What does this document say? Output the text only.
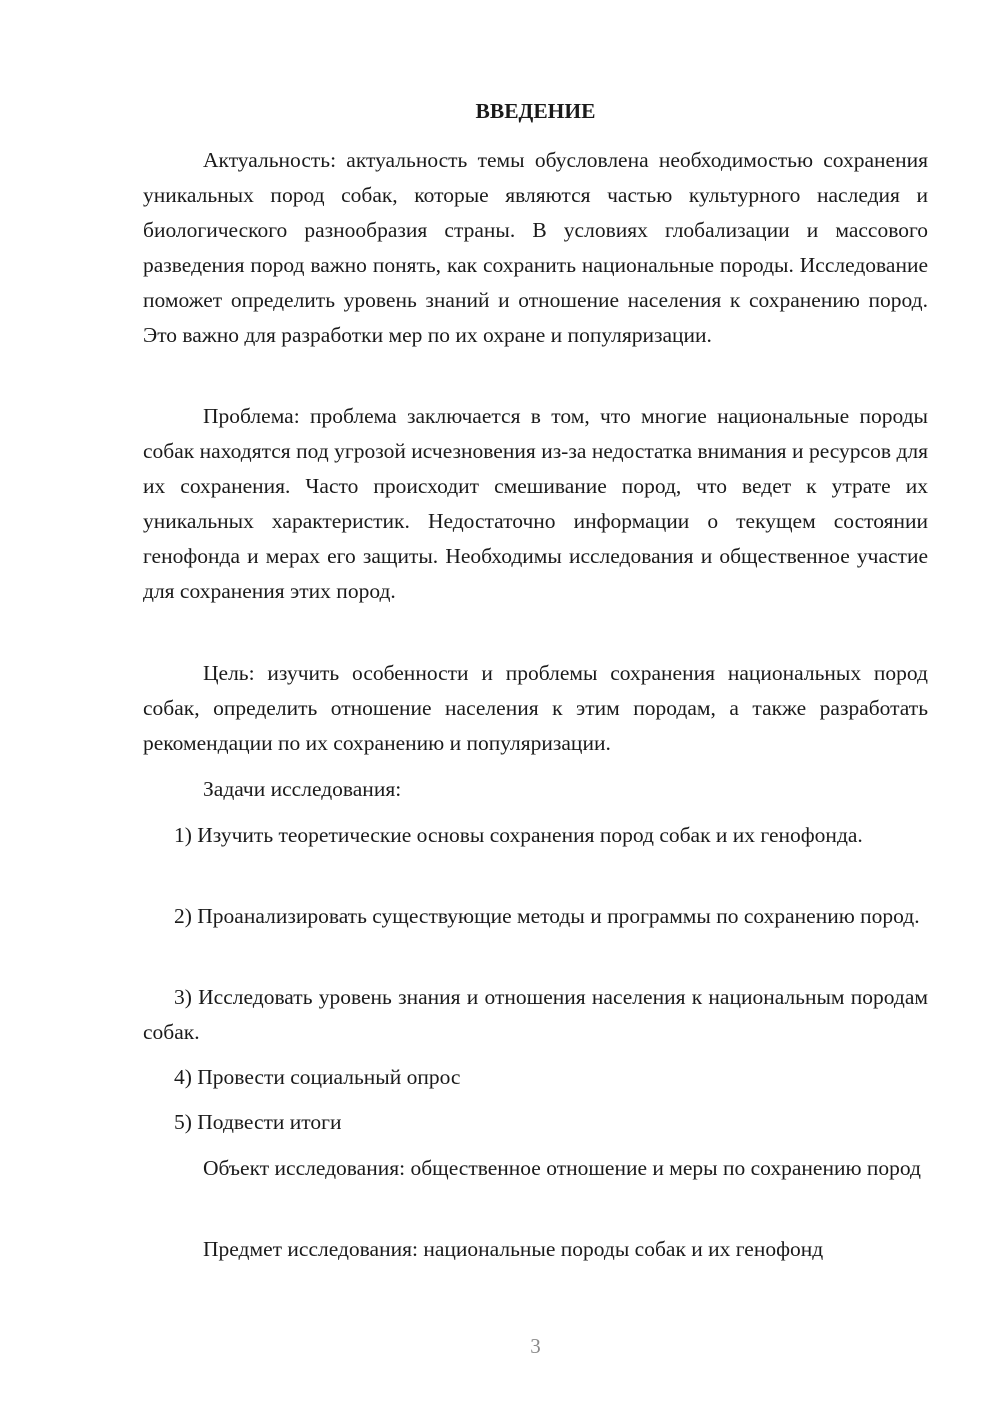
ВВЕДЕНИЕ

Актуальность: актуальность темы обусловлена необходимостью сохранения уникальных пород собак, которые являются частью культурного наследия и биологического разнообразия страны. В условиях глобализации и массового разведения пород важно понять, как сохранить национальные породы. Исследование поможет определить уровень знаний и отношение населения к сохранению пород. Это важно для разработки мер по их охране и популяризации.

Проблема: проблема заключается в том, что многие национальные породы собак находятся под угрозой исчезновения из-за недостатка внимания и ресурсов для их сохранения. Часто происходит смешивание пород, что ведет к утрате их уникальных характеристик. Недостаточно информации о текущем состоянии генофонда и мерах его защиты. Необходимы исследования и общественное участие для сохранения этих пород.

Цель: изучить особенности и проблемы сохранения национальных пород собак, определить отношение населения к этим породам, а также разработать рекомендации по их сохранению и популяризации.

Задачи исследования:

1) Изучить теоретические основы сохранения пород собак и их генофонда.

2) Проанализировать существующие методы и программы по сохранению пород.

3) Исследовать уровень знания и отношения населения к национальным породам собак.

4) Провести социальный опрос

5) Подвести итоги

Объект исследования: общественное отношение и меры по сохранению пород

Предмет исследования: национальные породы собак и их генофонд

3
